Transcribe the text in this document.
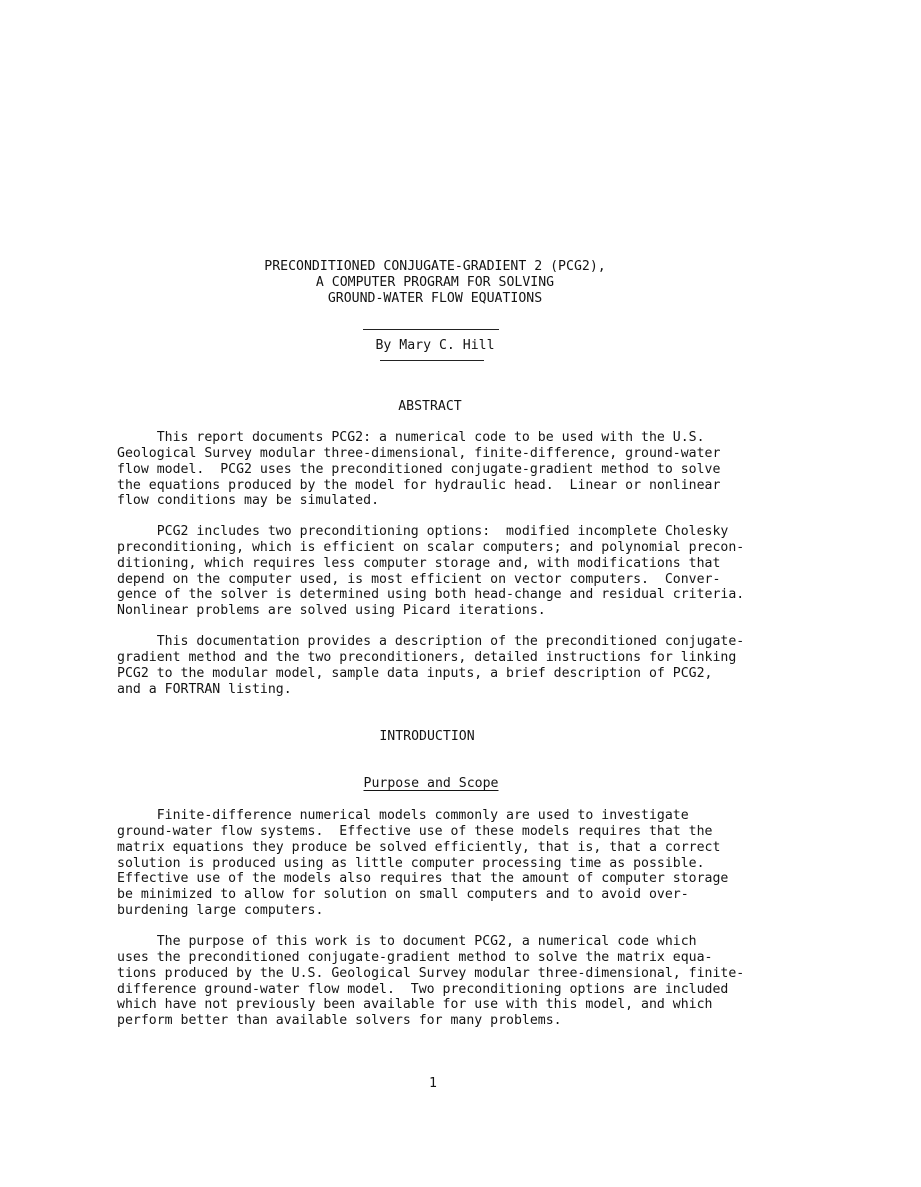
PRECONDITIONED CONJUGATE-GRADIENT 2 (PCG2),
A COMPUTER PROGRAM FOR SOLVING
GROUND-WATER FLOW EQUATIONS
By Mary C. Hill
ABSTRACT
This report documents PCG2: a numerical code to be used with the U.S.
Geological Survey modular three-dimensional, finite-difference, ground-water
flow model.  PCG2 uses the preconditioned conjugate-gradient method to solve
the equations produced by the model for hydraulic head.  Linear or nonlinear
flow conditions may be simulated.
PCG2 includes two preconditioning options:  modified incomplete Cholesky
preconditioning, which is efficient on scalar computers; and polynomial precon-
ditioning, which requires less computer storage and, with modifications that
depend on the computer used, is most efficient on vector computers.  Conver-
gence of the solver is determined using both head-change and residual criteria.
Nonlinear problems are solved using Picard iterations.
This documentation provides a description of the preconditioned conjugate-
gradient method and the two preconditioners, detailed instructions for linking
PCG2 to the modular model, sample data inputs, a brief description of PCG2,
and a FORTRAN listing.
INTRODUCTION
Purpose and Scope
Finite-difference numerical models commonly are used to investigate
ground-water flow systems.  Effective use of these models requires that the
matrix equations they produce be solved efficiently, that is, that a correct
solution is produced using as little computer processing time as possible.
Effective use of the models also requires that the amount of computer storage
be minimized to allow for solution on small computers and to avoid over-
burdening large computers.
The purpose of this work is to document PCG2, a numerical code which
uses the preconditioned conjugate-gradient method to solve the matrix equa-
tions produced by the U.S. Geological Survey modular three-dimensional, finite-
difference ground-water flow model.  Two preconditioning options are included
which have not previously been available for use with this model, and which
perform better than available solvers for many problems.
1
